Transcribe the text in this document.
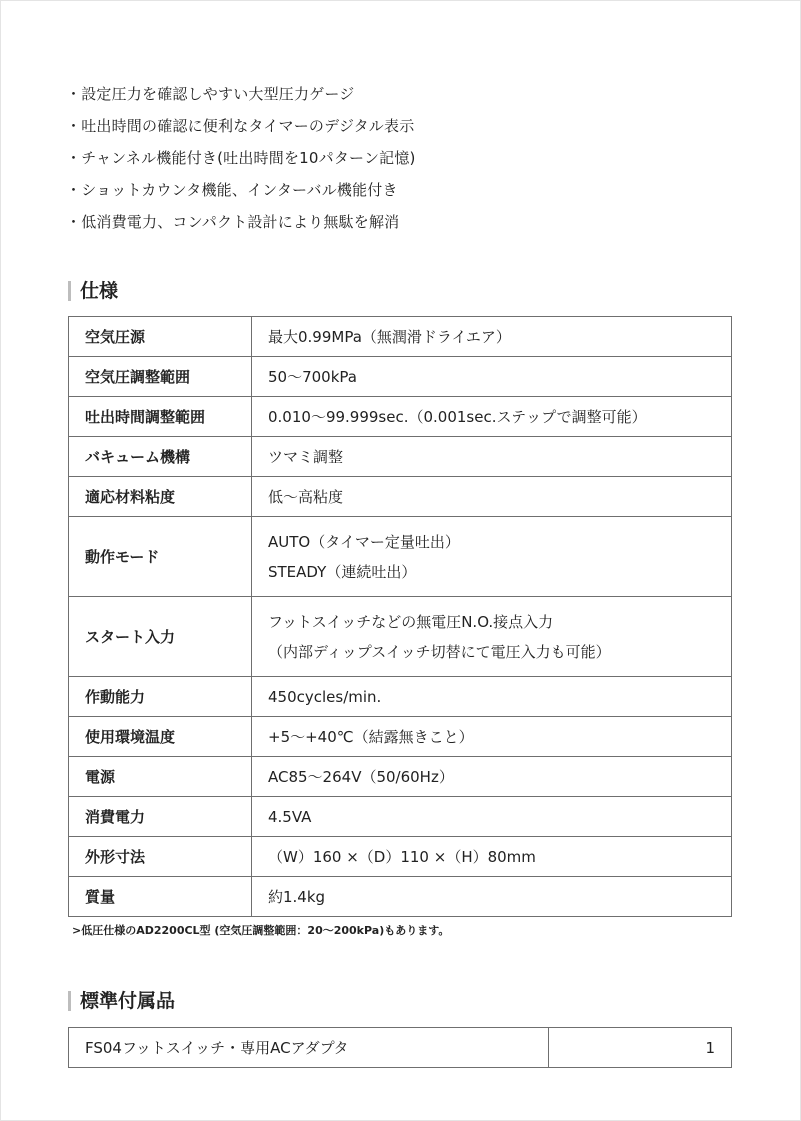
・ 設定圧力を確認しやすい大型圧力ゲージ
・ 吐出時間の確認に便利なタイマーのデジタル表示
・ チャンネル機能付き(吐出時間を10パターン記憶)
・ ショットカウンタ機能、インターバル機能付き
・ 低消費電力、コンパクト設計により無駄を解消
仕様
空気圧源	最大0.99MPa（無潤滑ドライエア）

空気圧調整範囲	50〜700kPa

吐出時間調整範囲	0.010〜99.999sec.（0.001sec.ステップで調整可能）

バキューム機構	ツマミ調整

適応材料粘度	低〜高粘度

動作モード	AUTO（タイマー定量吐出）
STEADY（連続吐出）

スタート入力	フットスイッチなどの無電圧N.O.接点入力
（内部ディップスイッチ切替にて電圧入力も可能）

作動能力	450cycles/min.

使用環境温度	+5〜+40℃（結露無きこと）

電源	AC85〜264V（50/60Hz）

消費電力	4.5VA

外形寸法	（W）160 ×（D）110 ×（H）80mm

質量	約1.4kg
>低圧仕様のAD2200CL型 (空気圧調整範囲：20〜200kPa)もあります。
標準付属品
FS04フットスイッチ・専用ACアダプタ	1
